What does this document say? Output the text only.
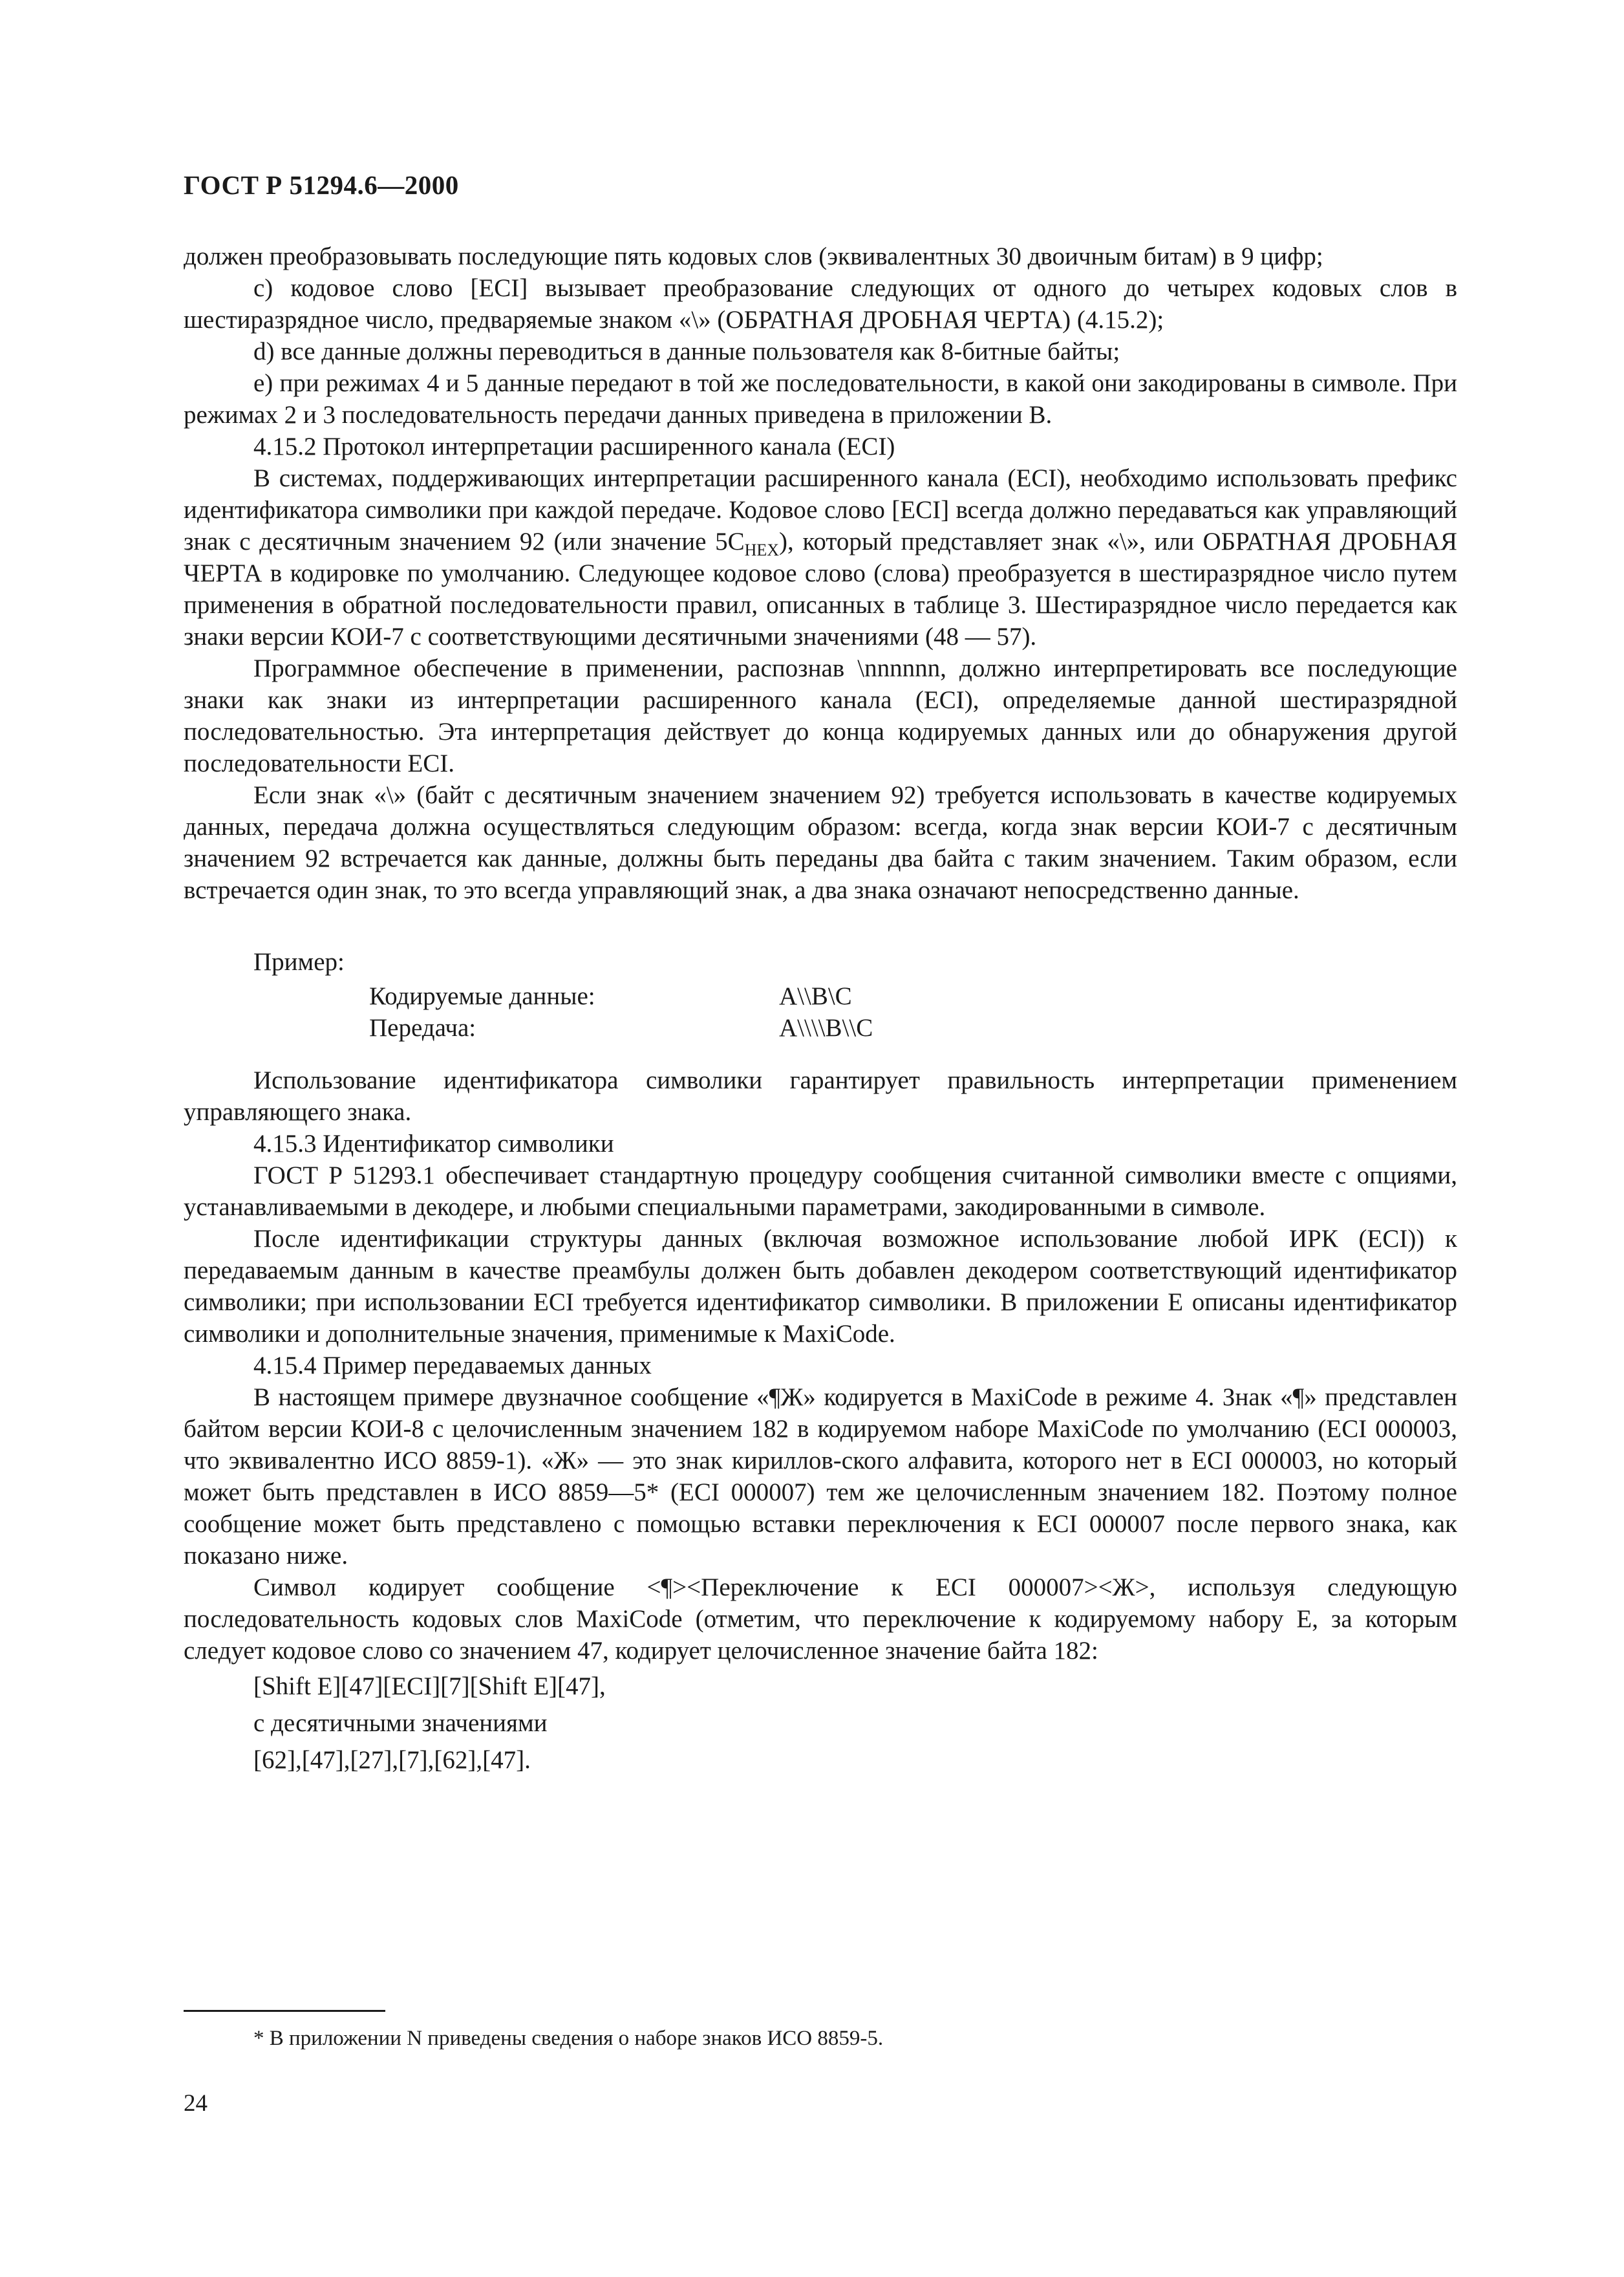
ГОСТ Р 51294.6—2000

должен преобразовывать последующие пять кодовых слов (эквивалентных 30 двоичным битам) в 9 цифр;

с) кодовое слово [ECI] вызывает преобразование следующих от одного до четырех кодовых слов в шестиразрядное число, предваряемые знаком «\» (ОБРАТНАЯ ДРОБНАЯ ЧЕРТА) (4.15.2);

d) все данные должны переводиться в данные пользователя как 8-битные байты;

е) при режимах 4 и 5 данные передают в той же последовательности, в какой они закодированы в символе. При режимах 2 и 3 последовательность передачи данных приведена в приложении В.

4.15.2 Протокол интерпретации расширенного канала (ECI)

В системах, поддерживающих интерпретации расширенного канала (ECI), необходимо использовать префикс идентификатора символики при каждой передаче. Кодовое слово [ECI] всегда должно передаваться как управляющий знак с десятичным значением 92 (или значение $5C_{HEX}$), который представляет знак «\», или ОБРАТНАЯ ДРОБНАЯ ЧЕРТА в кодировке по умолчанию. Следующее кодовое слово (слова) преобразуется в шестиразрядное число путем применения в обратной последовательности правил, описанных в таблице 3. Шестиразрядное число передается как знаки версии КОИ-7 с соответствующими десятичными значениями (48 — 57).

Программное обеспечение в применении, распознав \nnnnnn, должно интерпретировать все последующие знаки как знаки из интерпретации расширенного канала (ECI), определяемые данной шестиразрядной последовательностью. Эта интерпретация действует до конца кодируемых данных или до обнаружения другой последовательности ECI.

Если знак «\» (байт с десятичным значением значением 92) требуется использовать в качестве кодируемых данных, передача должна осуществляться следующим образом: всегда, когда знак версии КОИ-7 с десятичным значением 92 встречается как данные, должны быть переданы два байта с таким значением. Таким образом, если встречается один знак, то это всегда управляющий знак, а два знака означают непосредственно данные.

Пример:

Кодируемые данные:	A\\B\C

Передача:	A\\\\B\\C

Использование идентификатора символики гарантирует правильность интерпретации применением управляющего знака.

4.15.3 Идентификатор символики

ГОСТ Р 51293.1 обеспечивает стандартную процедуру сообщения считанной символики вместе с опциями, устанавливаемыми в декодере, и любыми специальными параметрами, закодированными в символе.

После идентификации структуры данных (включая возможное использование любой ИРК (ECI)) к передаваемым данным в качестве преамбулы должен быть добавлен декодером соответствующий идентификатор символики; при использовании ECI требуется идентификатор символики. В приложении Е описаны идентификатор символики и дополнительные значения, применимые к MaxiCode.

4.15.4 Пример передаваемых данных

В настоящем примере двузначное сообщение «¶Ж» кодируется в MaxiCode в режиме 4. Знак «¶» представлен байтом версии КОИ-8 с целочисленным значением 182 в кодируемом наборе MaxiCode по умолчанию (ECI 000003, что эквивалентно ИСО 8859-1). «Ж» — это знак кириллов-ского алфавита, которого нет в ECI 000003, но который может быть представлен в ИСО 8859—5* (ECI 000007) тем же целочисленным значением 182. Поэтому полное сообщение может быть представлено с помощью вставки переключения к ECI 000007 после первого знака, как показано ниже.

Символ кодирует сообщение <¶><Переключение к ECI 000007><Ж>, используя следующую последовательность кодовых слов MaxiCode (отметим, что переключение к кодируемому набору Е, за которым следует кодовое слово со значением 47, кодирует целочисленное значение байта 182:

[Shift E][47][ECI][7][Shift E][47],

с десятичными значениями

[62],[47],[27],[7],[62],[47].

* В приложении N приведены сведения о наборе знаков ИСО 8859-5.
24
